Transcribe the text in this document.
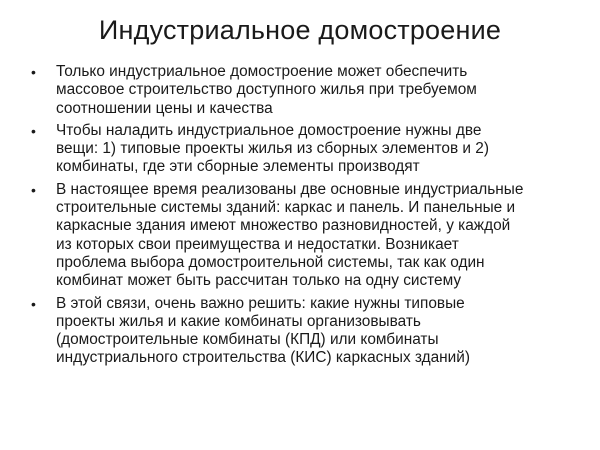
Индустриальное домостроение
• Только индустриальное домостроение может обеспечить
массовое строительство доступного жилья при требуемом
соотношении цены и качества
• Чтобы наладить индустриальное домостроение нужны две
вещи: 1) типовые проекты жилья из сборных элементов и 2)
комбинаты, где эти сборные элементы производят
• В настоящее время реализованы две основные индустриальные
строительные системы зданий: каркас и панель. И панельные и
каркасные здания имеют множество разновидностей, у каждой
из которых свои преимущества и недостатки. Возникает
проблема выбора домостроительной системы, так как один
комбинат может быть рассчитан только на одну систему
• В этой связи, очень важно решить: какие нужны типовые
проекты жилья и какие комбинаты организовывать
(домостроительные комбинаты (КПД) или комбинаты
индустриального строительства (КИС) каркасных зданий)
